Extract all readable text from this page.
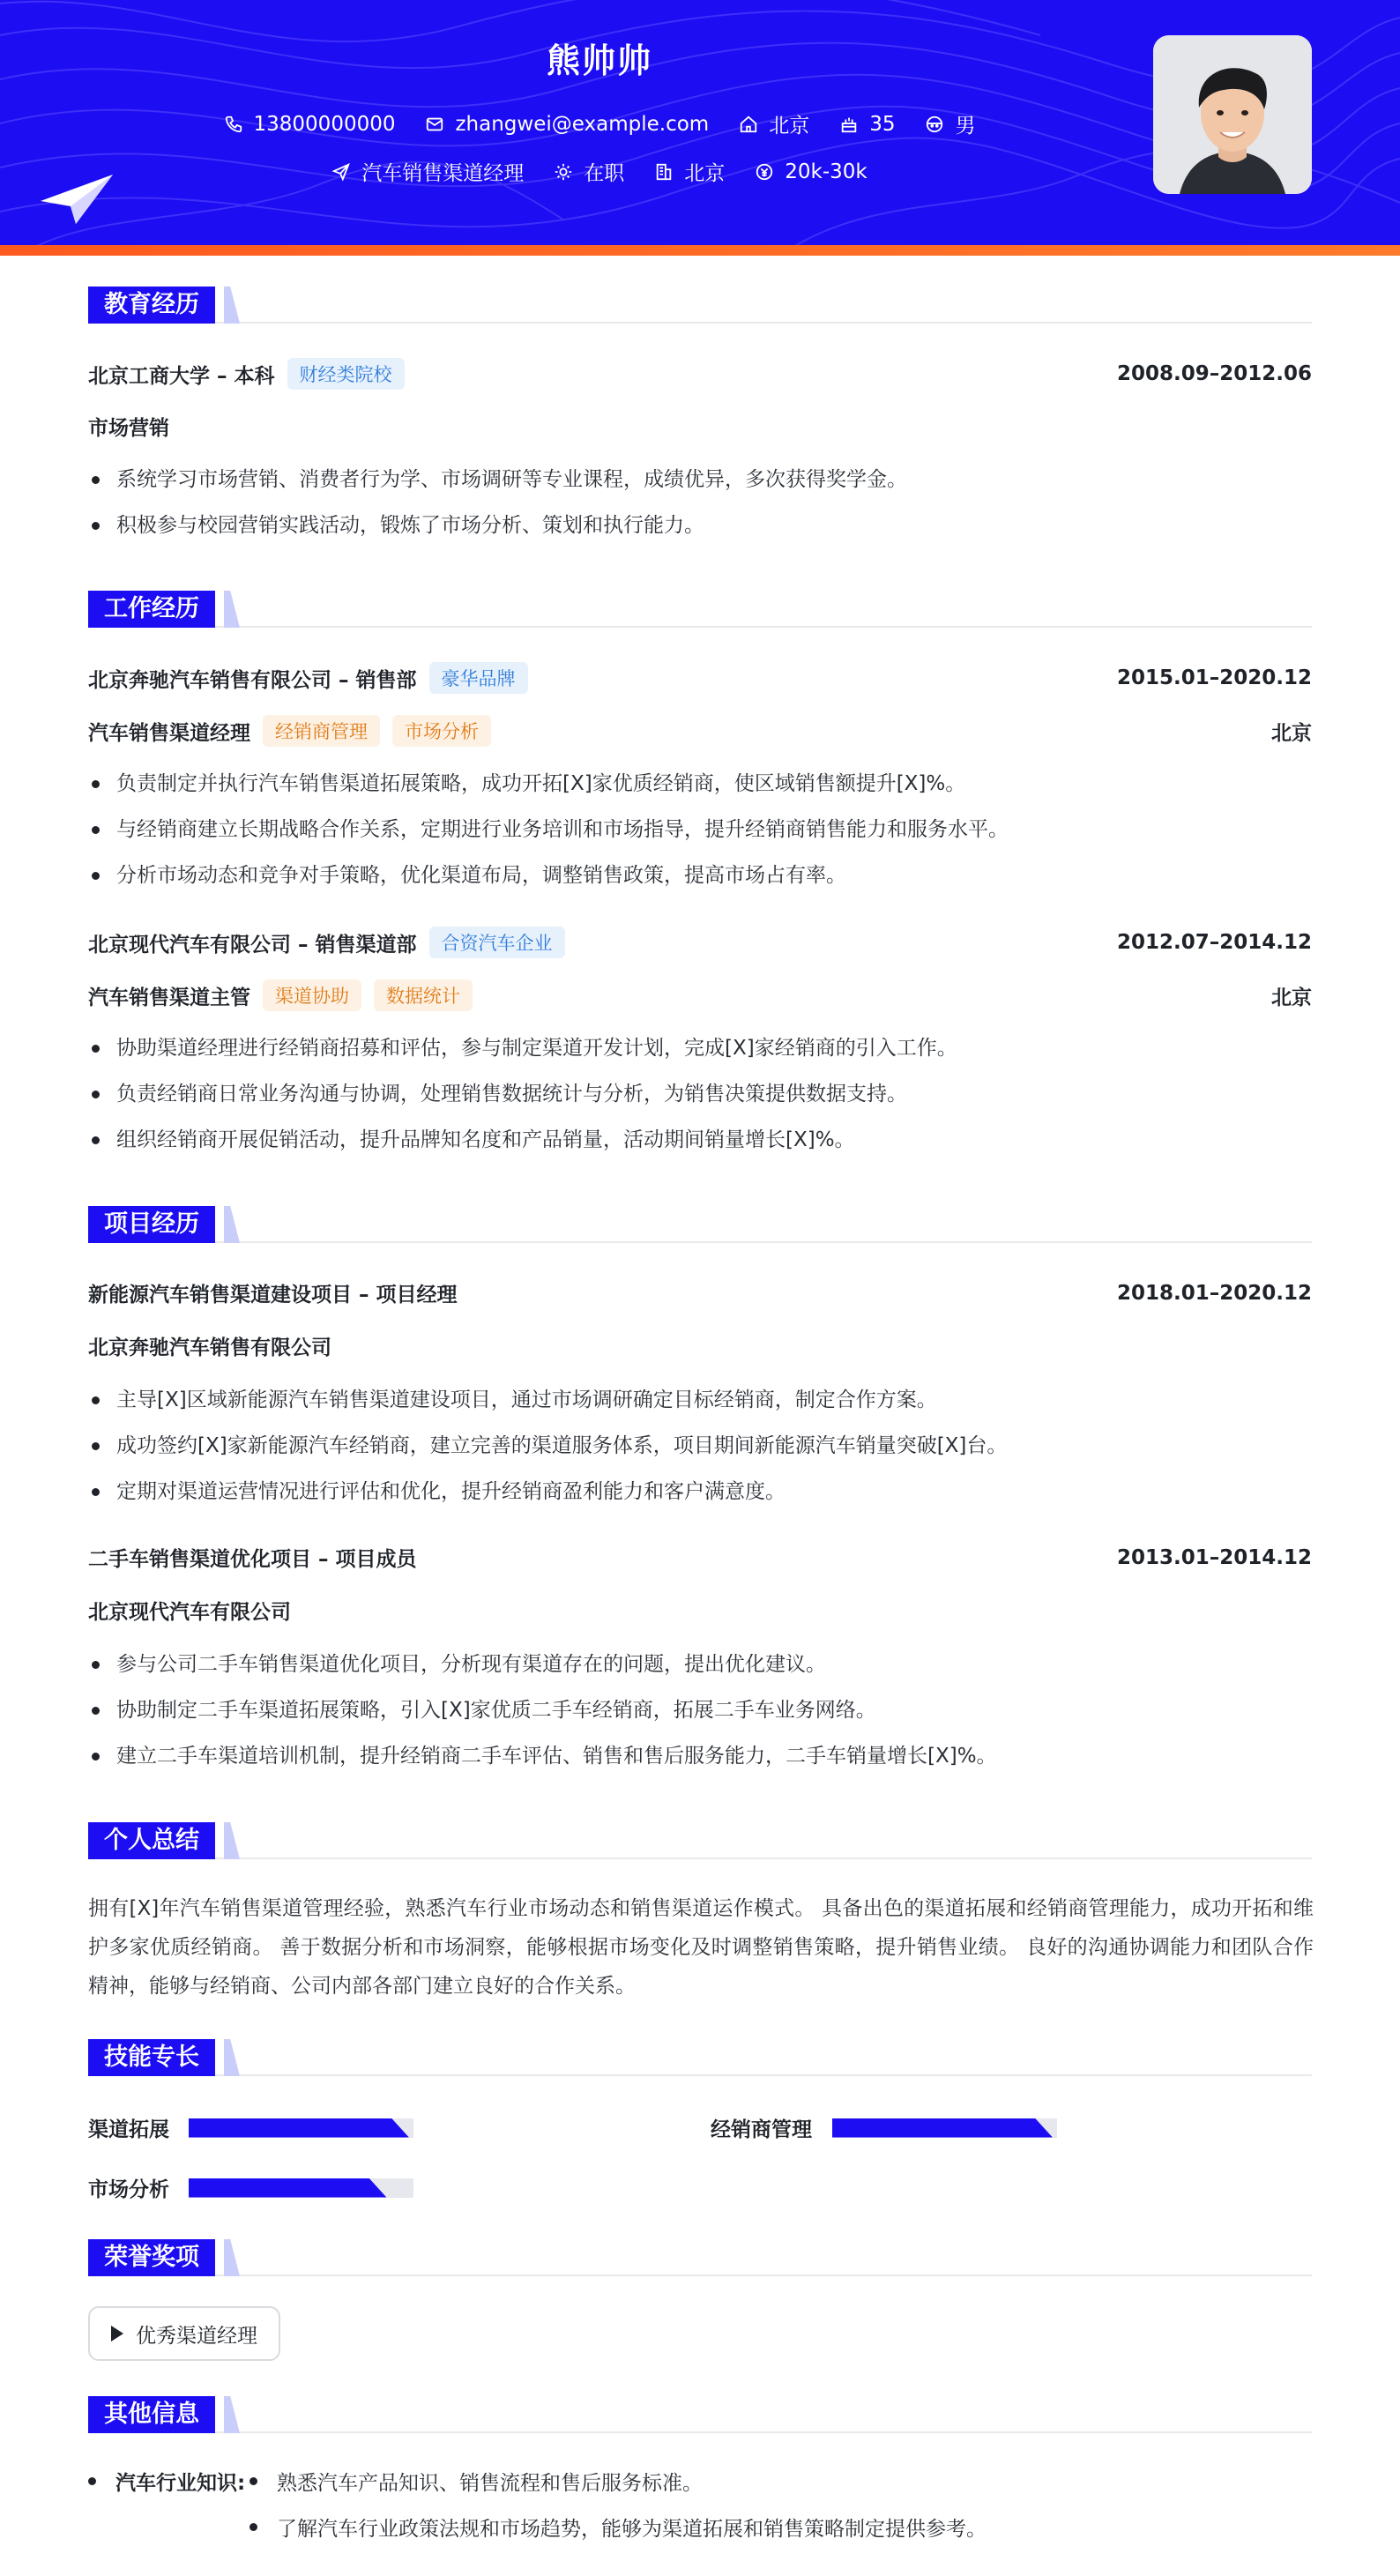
熊帅帅
13800000000	zhangwei@example.com	北京	35	男
汽车销售渠道经理	在职	北京	20k-30k
教育经历
北京工商大学 – 本科	财经类院校	2008.09–2012.06
市场营销
系统学习市场营销、消费者行为学、市场调研等专业课程，成绩优异，多次获得奖学金。
积极参与校园营销实践活动，锻炼了市场分析、策划和执行能力。
工作经历
北京奔驰汽车销售有限公司 – 销售部	豪华品牌	2015.01–2020.12
汽车销售渠道经理	经销商管理	市场分析	北京
负责制定并执行汽车销售渠道拓展策略，成功开拓[X]家优质经销商，使区域销售额提升[X]%。
与经销商建立长期战略合作关系，定期进行业务培训和市场指导，提升经销商销售能力和服务水平。
分析市场动态和竞争对手策略，优化渠道布局，调整销售政策，提高市场占有率。
北京现代汽车有限公司 – 销售渠道部	合资汽车企业	2012.07–2014.12
汽车销售渠道主管	渠道协助	数据统计	北京
协助渠道经理进行经销商招募和评估，参与制定渠道开发计划，完成[X]家经销商的引入工作。
负责经销商日常业务沟通与协调，处理销售数据统计与分析，为销售决策提供数据支持。
组织经销商开展促销活动，提升品牌知名度和产品销量，活动期间销量增长[X]%。
项目经历
新能源汽车销售渠道建设项目 – 项目经理	2018.01–2020.12
北京奔驰汽车销售有限公司
主导[X]区域新能源汽车销售渠道建设项目，通过市场调研确定目标经销商，制定合作方案。
成功签约[X]家新能源汽车经销商，建立完善的渠道服务体系，项目期间新能源汽车销量突破[X]台。
定期对渠道运营情况进行评估和优化，提升经销商盈利能力和客户满意度。
二手车销售渠道优化项目 – 项目成员	2013.01–2014.12
北京现代汽车有限公司
参与公司二手车销售渠道优化项目，分析现有渠道存在的问题，提出优化建议。
协助制定二手车渠道拓展策略，引入[X]家优质二手车经销商，拓展二手车业务网络。
建立二手车渠道培训机制，提升经销商二手车评估、销售和售后服务能力，二手车销量增长[X]%。
个人总结
拥有[X]年汽车销售渠道管理经验，熟悉汽车行业市场动态和销售渠道运作模式。 具备出色的渠道拓展和经销商管理能力，成功开拓和维护多家优质经销商。 善于数据分析和市场洞察，能够根据市场变化及时调整销售策略，提升销售业绩。 良好的沟通协调能力和团队合作精神，能够与经销商、公司内部各部门建立良好的合作关系。
技能专长
渠道拓展	经销商管理
市场分析
荣誉奖项
优秀渠道经理
其他信息
汽车行业知识: 熟悉汽车产品知识、销售流程和售后服务标准。
了解汽车行业政策法规和市场趋势，能够为渠道拓展和销售策略制定提供参考。
